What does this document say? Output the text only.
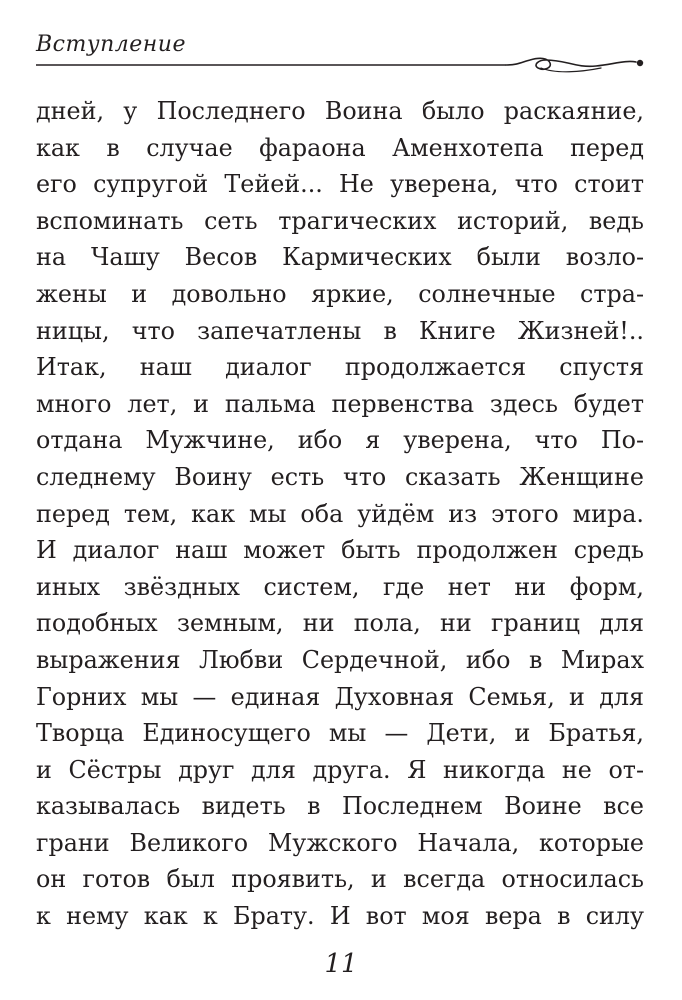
Вступление
дней, у Последнего Воина было раскаяние,
как в случае фараона Аменхотепа перед
его супругой Тейей... Не уверена, что стоит
вспоминать сеть трагических историй, ведь
на Чашу Весов Кармических были возло-
жены и довольно яркие, солнечные стра-
ницы, что запечатлены в Книге Жизней!..
Итак, наш диалог продолжается спустя
много лет, и пальма первенства здесь будет
отдана Мужчине, ибо я уверена, что По-
следнему Воину есть что сказать Женщине
перед тем, как мы оба уйдём из этого мира.
И диалог наш может быть продолжен средь
иных звёздных систем, где нет ни форм,
подобных земным, ни пола, ни границ для
выражения Любви Сердечной, ибо в Мирах
Горних мы — единая Духовная Семья, и для
Творца Единосущего мы — Дети, и Братья,
и Сёстры друг для друга. Я никогда не от-
казывалась видеть в Последнем Воине все
грани Великого Мужского Начала, которые
он готов был проявить, и всегда относилась
к нему как к Брату. И вот моя вера в силу
11
